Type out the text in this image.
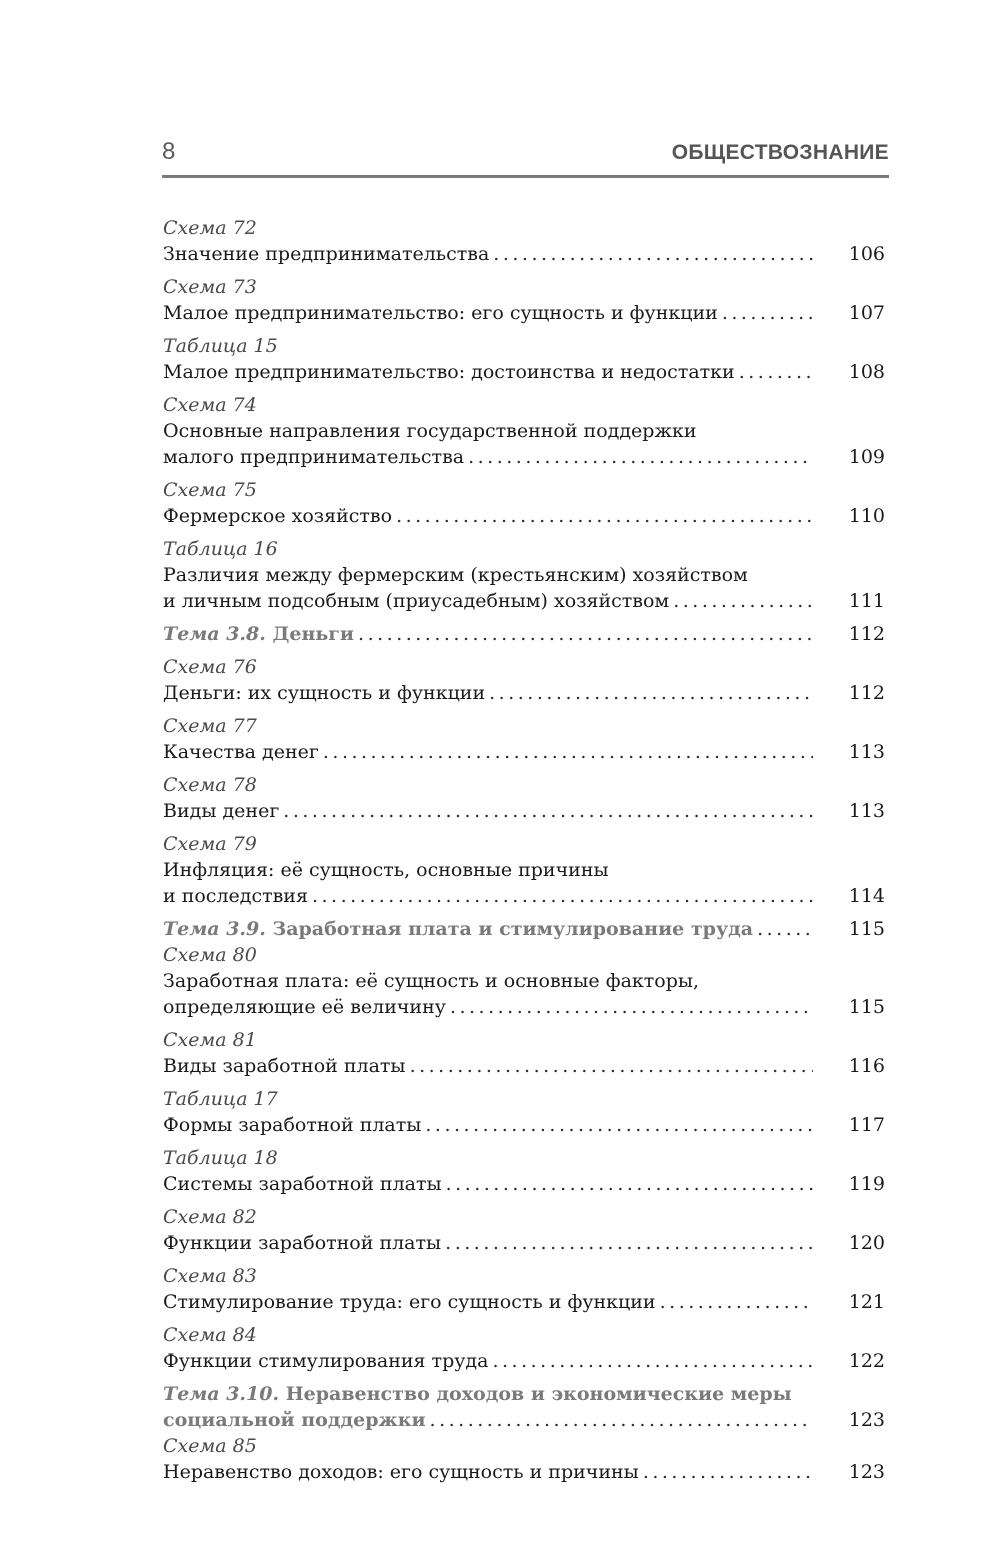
8	ОБЩЕСТВОЗНАНИЕ
Схема 72
Значение предпринимательства .....	106
Схема 73
Малое предпринимательство: его сущность и функции .....	107
Таблица 15
Малое предпринимательство: достоинства и недостатки .....	108
Схема 74
Основные направления государственной поддержки
малого предпринимательства .....	109
Схема 75
Фермерское хозяйство .....	110
Таблица 16
Различия между фермерским (крестьянским) хозяйством
и личным подсобным (приусадебным) хозяйством .....	111
Тема 3.8. Деньги .....	112
Схема 76
Деньги: их сущность и функции .....	112
Схема 77
Качества денег .....	113
Схема 78
Виды денег .....	113
Схема 79
Инфляция: её сущность, основные причины
и последствия .....	114
Тема 3.9. Заработная плата и стимулирование труда .....	115
Схема 80
Заработная плата: её сущность и основные факторы,
определяющие её величину .....	115
Схема 81
Виды заработной платы .....	116
Таблица 17
Формы заработной платы .....	117
Таблица 18
Системы заработной платы .....	119
Схема 82
Функции заработной платы .....	120
Схема 83
Стимулирование труда: его сущность и функции .....	121
Схема 84
Функции стимулирования труда .....	122
Тема 3.10. Неравенство доходов и экономические меры
социальной поддержки .....	123
Схема 85
Неравенство доходов: его сущность и причины .....	123
